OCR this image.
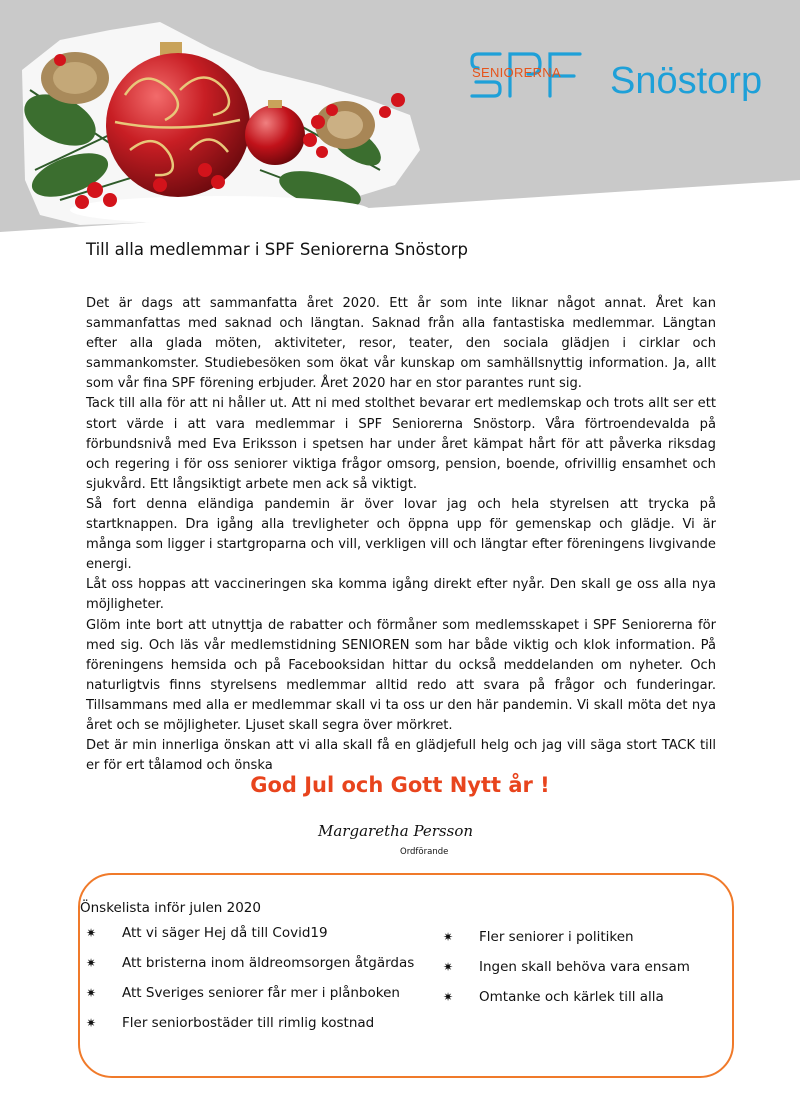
SENIORERNA Snöstorp
Till alla medlemmar i SPF Seniorerna Snöstorp

Det är dags att sammanfatta året 2020. Ett år som inte liknar något annat. Året kan sammanfattas med saknad och längtan. Saknad från alla fantastiska medlemmar. Längtan efter alla glada möten, aktiviteter, resor, teater, den sociala glädjen i cirklar och sammankomster. Studiebesöken som ökat vår kunskap om samhällsnyttig information. Ja, allt som vår fina SPF förening erbjuder. Året 2020 har en stor parantes runt sig.

Tack till alla för att ni håller ut. Att ni med stolthet bevarar ert medlemskap och trots allt ser ett stort värde i att vara medlemmar i SPF Seniorerna Snöstorp. Våra förtroendevalda på förbundsnivå med Eva Eriksson i spetsen har under året kämpat hårt för att påverka riksdag och regering i för oss seniorer viktiga frågor omsorg, pension, boende, ofrivillig ensamhet och sjukvård. Ett långsiktigt arbete men ack så viktigt.

Så fort denna eländiga pandemin är över lovar jag och hela styrelsen att trycka på startknappen. Dra igång alla trevligheter och öppna upp för gemenskap och glädje. Vi är många som ligger i startgroparna och vill, verkligen vill och längtar efter föreningens livgivande energi.

Låt oss hoppas att vaccineringen ska komma igång direkt efter nyår. Den skall ge oss alla nya möjligheter.

Glöm inte bort att utnyttja de rabatter och förmåner som medlemsskapet i SPF Seniorerna för med sig. Och läs vår medlemstidning SENIOREN som har både viktig och klok information. På föreningens hemsida och på Facebooksidan hittar du också meddelanden om nyheter. Och naturligtvis finns styrelsens medlemmar alltid redo att svara på frågor och funderingar. Tillsammans med alla er medlemmar skall vi ta oss ur den här pandemin. Vi skall möta det nya året och se möjligheter. Ljuset skall segra över mörkret.

Det är min innerliga önskan att vi alla skall få en glädjefull helg och jag vill säga stort TACK till er för ert tålamod och önska

God Jul och Gott Nytt år !
Margaretha Persson
Ordförande
Önskelista inför julen 2020
✷ Att vi säger Hej då till Covid19
✷ Att bristerna inom äldreomsorgen åtgärdas
✷ Att Sveriges seniorer får mer i plånboken
✷ Fler seniorbostäder till rimlig kostnad
✷ Fler seniorer i politiken
✷ Ingen skall behöva vara ensam
✷ Omtanke och kärlek till alla
